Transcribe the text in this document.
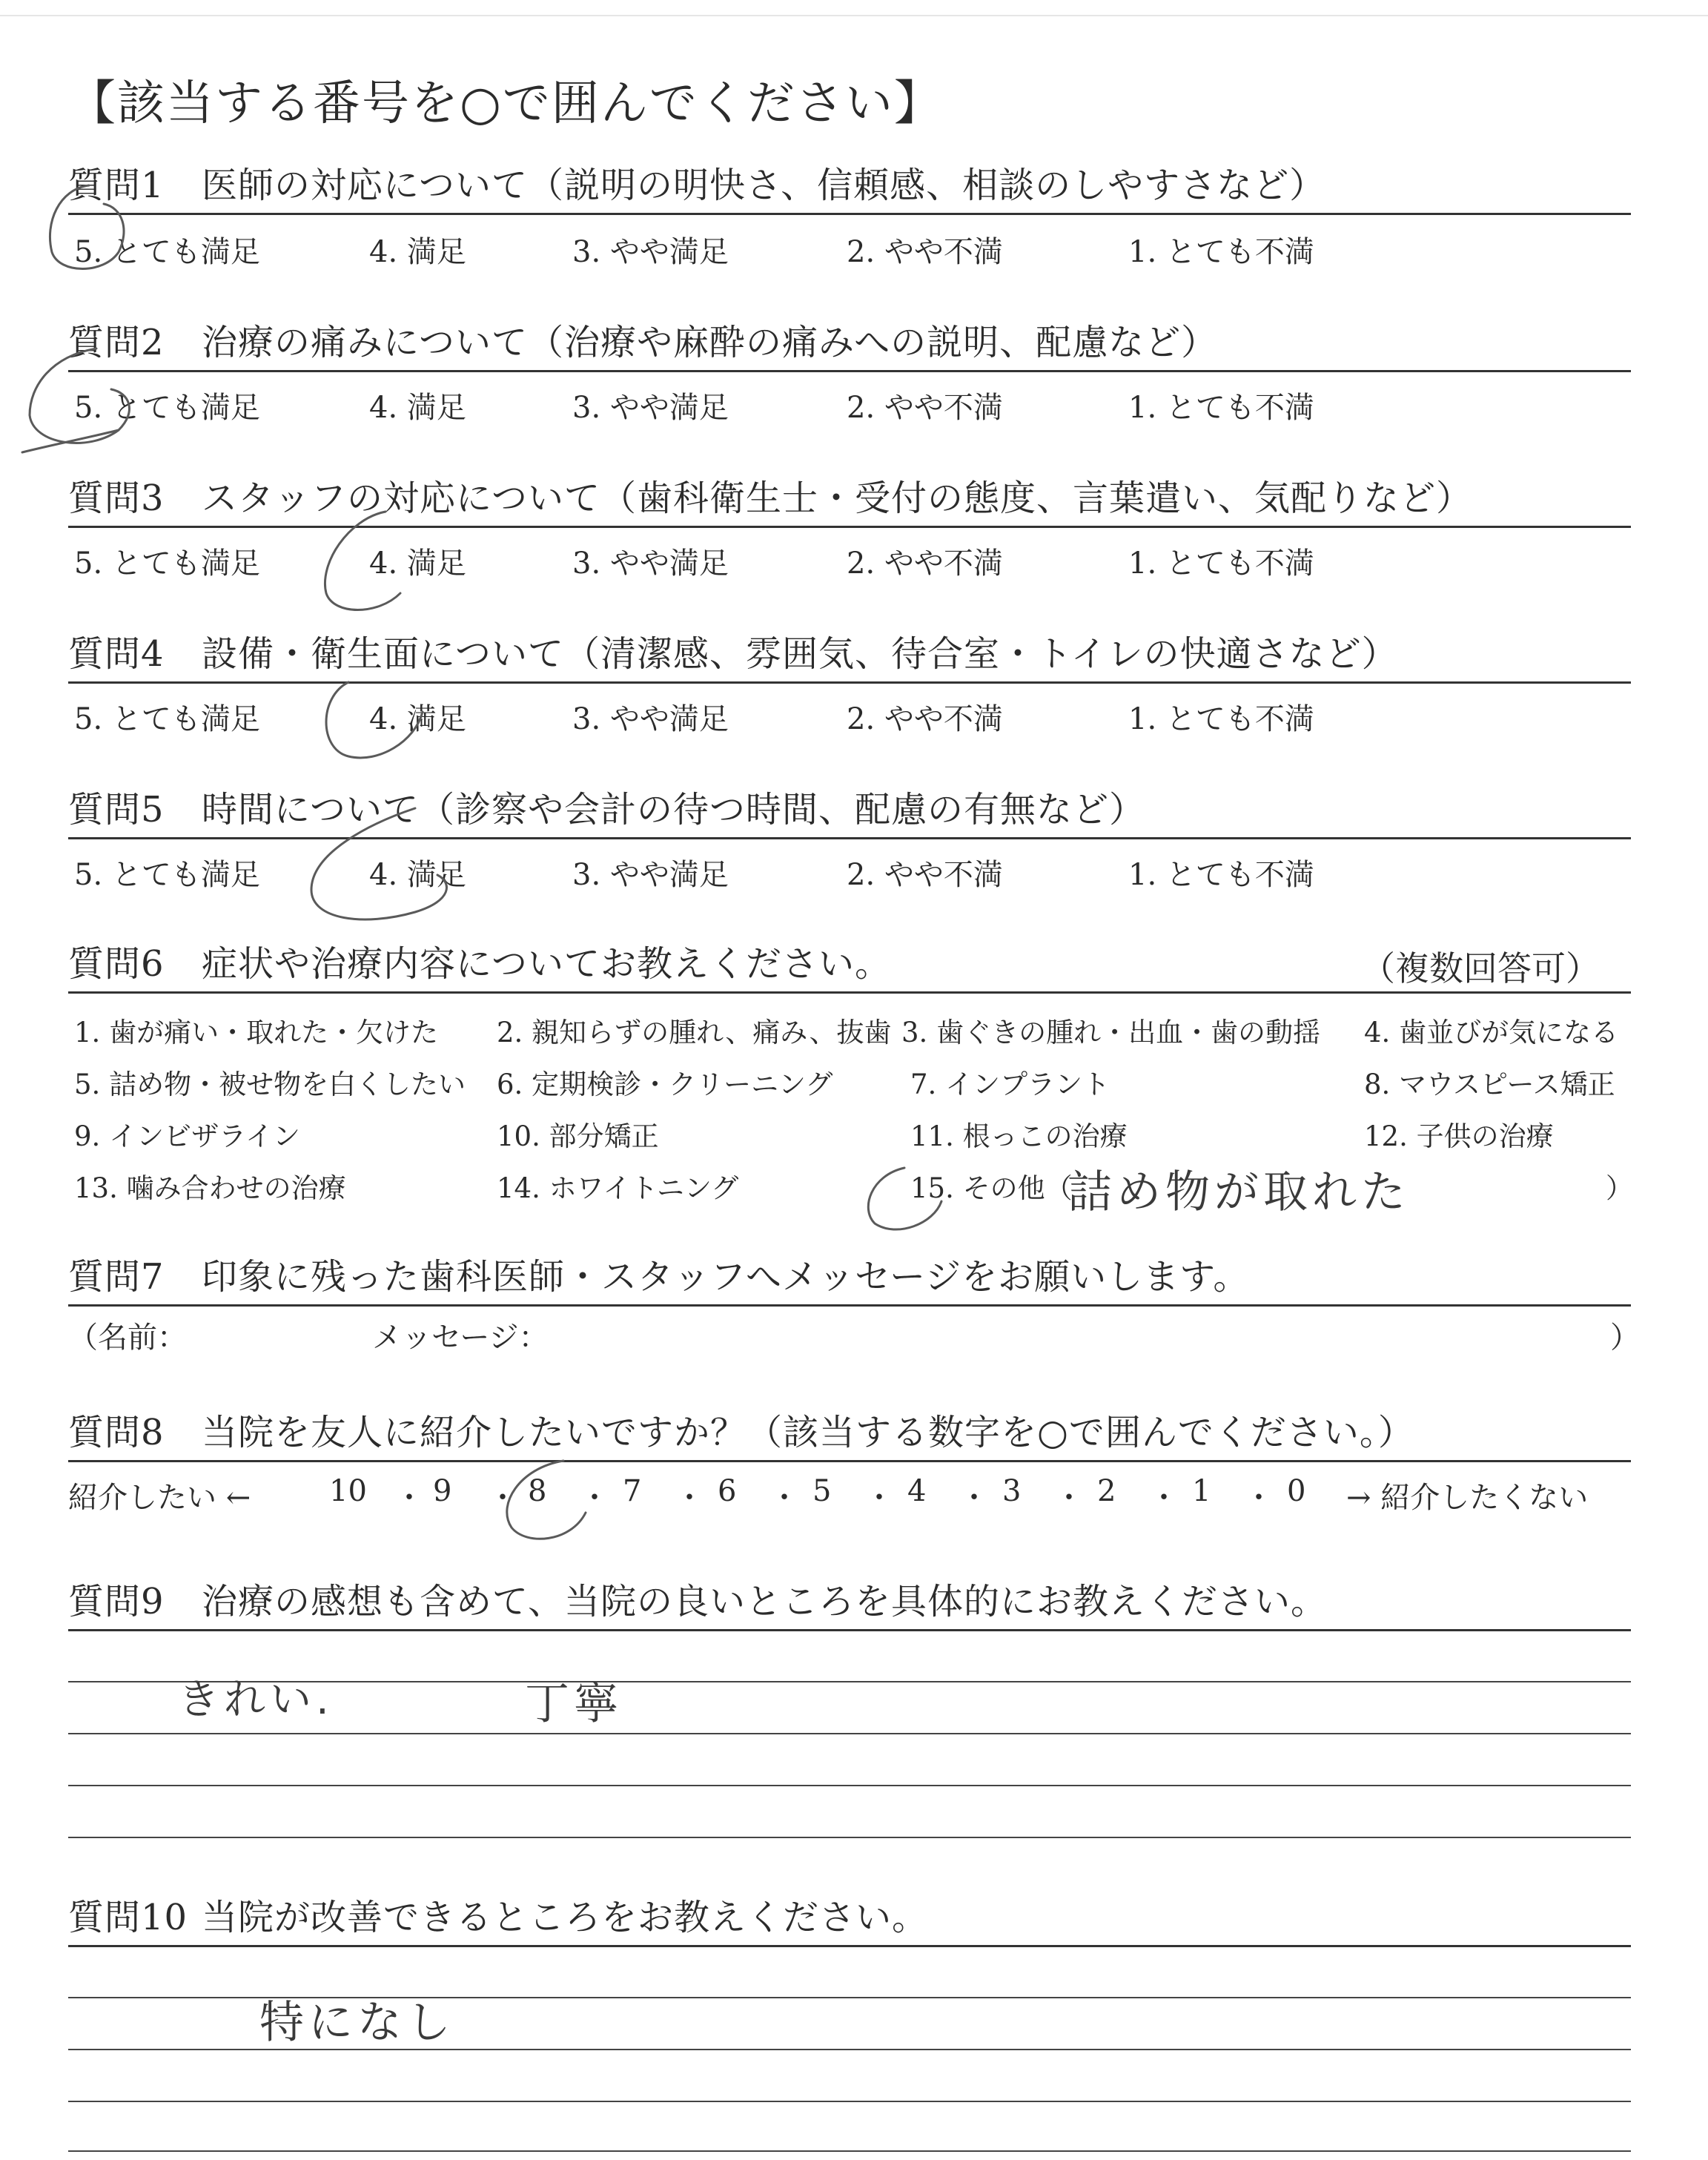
【該当する番号を○で囲んでください】
質問1 医師の対応について（説明の明快さ、信頼感、相談のしやすさなど）
5. とても満足	4. 満足	3. やや満足	2. やや不満	1. とても不満
質問2 治療の痛みについて（治療や麻酔の痛みへの説明、配慮など）
5. とても満足	4. 満足	3. やや満足	2. やや不満	1. とても不満
質問3 スタッフの対応について（歯科衛生士・受付の態度、言葉遣い、気配りなど）
5. とても満足	4. 満足	3. やや満足	2. やや不満	1. とても不満
質問4 設備・衛生面について（清潔感、雰囲気、待合室・トイレの快適さなど）
5. とても満足	4. 満足	3. やや満足	2. やや不満	1. とても不満
質問5 時間について（診察や会計の待つ時間、配慮の有無など）
5. とても満足	4. 満足	3. やや満足	2. やや不満	1. とても不満
質問6 症状や治療内容についてお教えください。	（複数回答可）
1. 歯が痛い・取れた・欠けた 2. 親知らずの腫れ、痛み、抜歯 3. 歯ぐきの腫れ・出血・歯の動揺 4. 歯並びが気になる
5. 詰め物・被せ物を白くしたい 6. 定期検診・クリーニング	7. インプラント	8. マウスピース矯正
9. インビザライン	10. 部分矯正	11. 根っこの治療	12. 子供の治療
13. 噛み合わせの治療	14. ホワイトニング	15. その他（	）
詰め物が取れた
質問7 印象に残った歯科医師・スタッフへメッセージをお願いします。
（名前：	メッセージ：	）
質問8 当院を友人に紹介したいですか？（該当する数字を○で囲んでください。）
紹介したい ←	10 ・ 9 ・ 8 ・ 7 ・ 6 ・ 5 ・ 4 ・ 3 ・ 2 ・ 1 ・ 0 → 紹介したくない
質問9 治療の感想も含めて、当院の良いところを具体的にお教えください。
きれい.	丁寧
質問10 当院が改善できるところをお教えください。
特になし
